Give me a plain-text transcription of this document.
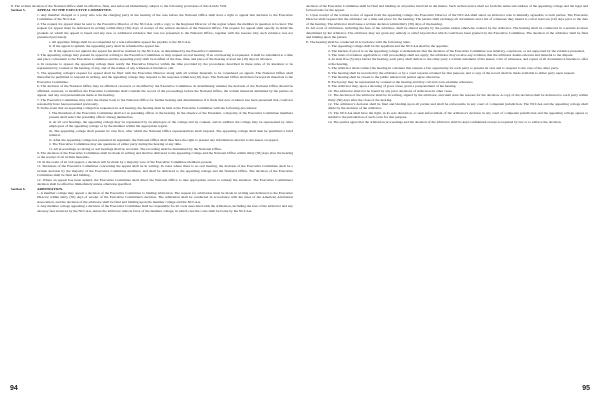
8. The written decision of the National Office shall be effective, final, and enforced immediately, subject to the following provisions of this Article VIII.

Section 5.	APPEAL TO THE EXECUTIVE COMMITTEE.

1. Any member charged or a party who was the charging party in the hearing of the case before the National Office shall have a right to appeal that decision to the Executive Committee of the NCCAA.

2. The request for appeal must be sent to the Executive Director of the NCCAA, with a copy to the Regional Director of the region where the member in question is located. The request for appeal must be delivered in writing within thirty (30) days of receipt of the written decision of the National Office. The request for appeal shall specify in detail the grounds on which the appeal is based and any new or additional evidence that was not presented to the National Office, together with the reasons why such evidence was not presented previously.

i. All appellate filings shall be accompanied by a non-refundable appeal fee payable to the NCCAA.

ii. If the appeal is upheld, the appealing party shall be refunded the appeal fee.

iii. If the appeal is not upheld, the appeal fee shall be retained by the NCCAA, as determined by the Executive Committee.

3. The appealing college may present its appeal in writing to the Executive Committee or may request an oral hearing. If an oral hearing is requested, it shall be scheduled at a time and place convenient to the Executive Committee and the appealing party shall be notified of the date, time, and place of the hearing at least ten (10) days in advance.

4. In response to appeal, the appealing college must notify the Executive Director within the time provided by the procedures described in these rules of its intention to be represented by counsel at the hearing, if any, and of the names of any witnesses it intends to call.

5. The appealing college's request for appeal shall be filed with the Executive Director along with all written materials to be considered on appeal. The National Office shall thereafter be permitted to respond in writing, and the appealing college may respond to the response within ten (10) days. The National Office shall then forward all materials to the Executive Committee.

6. The decision of the National Office may be affirmed, reversed, or modified by the Executive Committee. In determining whether the decision of the National Office should be affirmed, reversed, or modified, the Executive Committee shall consider the record of the proceedings before the National Office, the written materials submitted by the parties on appeal, and any oral presentations made at the hearing.

7. The Executive Committee may refer the matter back to the National Office for further hearing and determination if it finds that new evidence has been presented that could not reasonably have been presented previously.

8. In the event that an appealing college has requested an oral hearing, the hearing shall be held at the Executive Committee with the following procedures:

i. The President of the Executive Committee shall act as presiding officer at the hearing. In the absence of the President, a majority of the Executive Committee members present shall select the presiding officer among themselves.

ii. At all oral hearings, the appealing college may be represented by an employee of the college and by counsel, and in addition the college may be represented by other employees of the appealing college or by the member within the appropriate region.

iii. The appealing college shall present its case first, after which the National Office representatives shall respond. The appealing college shall then be permitted a brief rebuttal.

iv. After the appealing college has presented its argument, the National Office shall then have the right to present any information relevant to the issues on appeal.

v. The Executive Committee may ask questions of either party during the hearing at any time.

vi. All proceedings occurring at oral hearings shall be recorded. The recording shall be maintained by the National Office.

9. The decision of the Executive Committee shall be made in writing and shall be delivered to the appealing college and the National Office within thirty (30) days after the hearing or the receipt of all written materials.

10. In the event of an oral appeal, a decision will be made by a majority vote of the Executive Committee members present.

11. Decisions of the Executive Committee concerning the appeal shall be in writing. In cases where there is no oral hearing, the decision of the Executive Committee shall be a written decision by the majority of the Executive Committee members, and shall be delivered to the appealing college and the National Office. The decision of the Executive Committee shall be final and binding.

12. Where an appeal has been upheld, the Executive Committee shall direct the National Office to take appropriate action to remedy the situation. The Executive Committee's decision shall be effective immediately unless otherwise specified.

Section 6.	ARBITRATION.

1. A member college may appeal a decision of the Executive Committee to binding arbitration. The request for arbitration must be made in writing and delivered to the Executive Director within thirty (30) days of receipt of the Executive Committee's decision. The arbitration shall be conducted in accordance with the rules of the American Arbitration Association, and the decision of the arbitrator shall be final and binding upon the member college and the NCCAA.

2. Any member college appealing a decision of the Executive Committee shall be responsible for all costs associated with the arbitration, including the fees of the arbitrator and any attorney fees incurred by the NCCAA, unless the arbitrator rules in favor of the member college, in which case the costs shall be borne by the NCCAA.

decision of the Executive Committee shall be final and binding on all parties involved in the matter. Such written notice shall set forth the name and address of the appealing college and the legal and factual basis for the appeal.

C. Upon receipt of the written notice of appeal from the appealing college, the Executive Director of the NCCAA shall select an arbitrator who is mutually agreeable to both parties. The Executive Director shall request that the arbitrator set a time and place for the hearing. The parties shall exchange all documents and a list of witnesses they intend to call at least ten (10) days prior to the date of the hearing. The arbitrator shall issue a written decision within thirty (30) days of the hearing.

D. All costs of arbitration, including the fees of the arbitrator, shall be shared equally by the parties unless otherwise ordered by the arbitrator. The hearing shall be conducted in a neutral location determined by the arbitrator. The arbitrator may not grant any remedy or relief beyond that which could have been granted by the Executive Committee. The decision of the arbitrator shall be final and binding upon the parties.

E. The hearing shall be conducted in accordance with the following rules:

1. The appealing college shall be the appellant and the NCCAA shall be the appellee.

2. The burden of proof is on the appealing college to demonstrate that the decision of the Executive Committee was arbitrary, capricious, or not supported by the evidence presented.

3. The rules of evidence applicable to civil proceedings shall not apply; the arbitrator may receive any evidence that the arbitrator deems relevant and material to the dispute.

4. At least five (5) days before the hearing, each party shall deliver to the other party a written statement of the issues, a list of witnesses, and copies of all documents it intends to offer at the hearing.

5. The arbitrator shall conduct the hearing in a manner that ensures a fair opportunity for each party to present its case and to respond to the case of the other party.

6. The hearing shall be recorded by the arbitrator or by a court reporter retained for that purpose, and a copy of the record shall be made available to either party upon request.

7. The hearing shall be closed to the public unless both parties agree otherwise.

8. Each party may be represented by counsel at the hearing and may call and cross-examine witnesses.

9. The arbitrator may, upon a showing of good cause, grant a postponement of the hearing.

10. The arbitrator shall not be bound by any prior decisions of arbitrators in other cases.

11. The decision of the arbitrator shall be in writing, signed by the arbitrator, and shall state the reasons for the decision. A copy of the decision shall be delivered to each party within thirty (30) days after the close of the hearing.

12. The arbitrator's decision shall be final and binding upon all parties and shall be enforceable in any court of competent jurisdiction. The NCCAA and the appealing college shall abide by the decision of the arbitrator.

13. The NCCAA shall have the right, in its sole discretion, to seek enforcement of the arbitrator's decision in any court of competent jurisdiction and the appealing college agrees to submit to the jurisdiction of such court for that purpose.

14. The parties agree that the arbitration proceedings and the decision of the arbitrator shall be kept confidential except as required by law or to enforce the decision.

94	95
